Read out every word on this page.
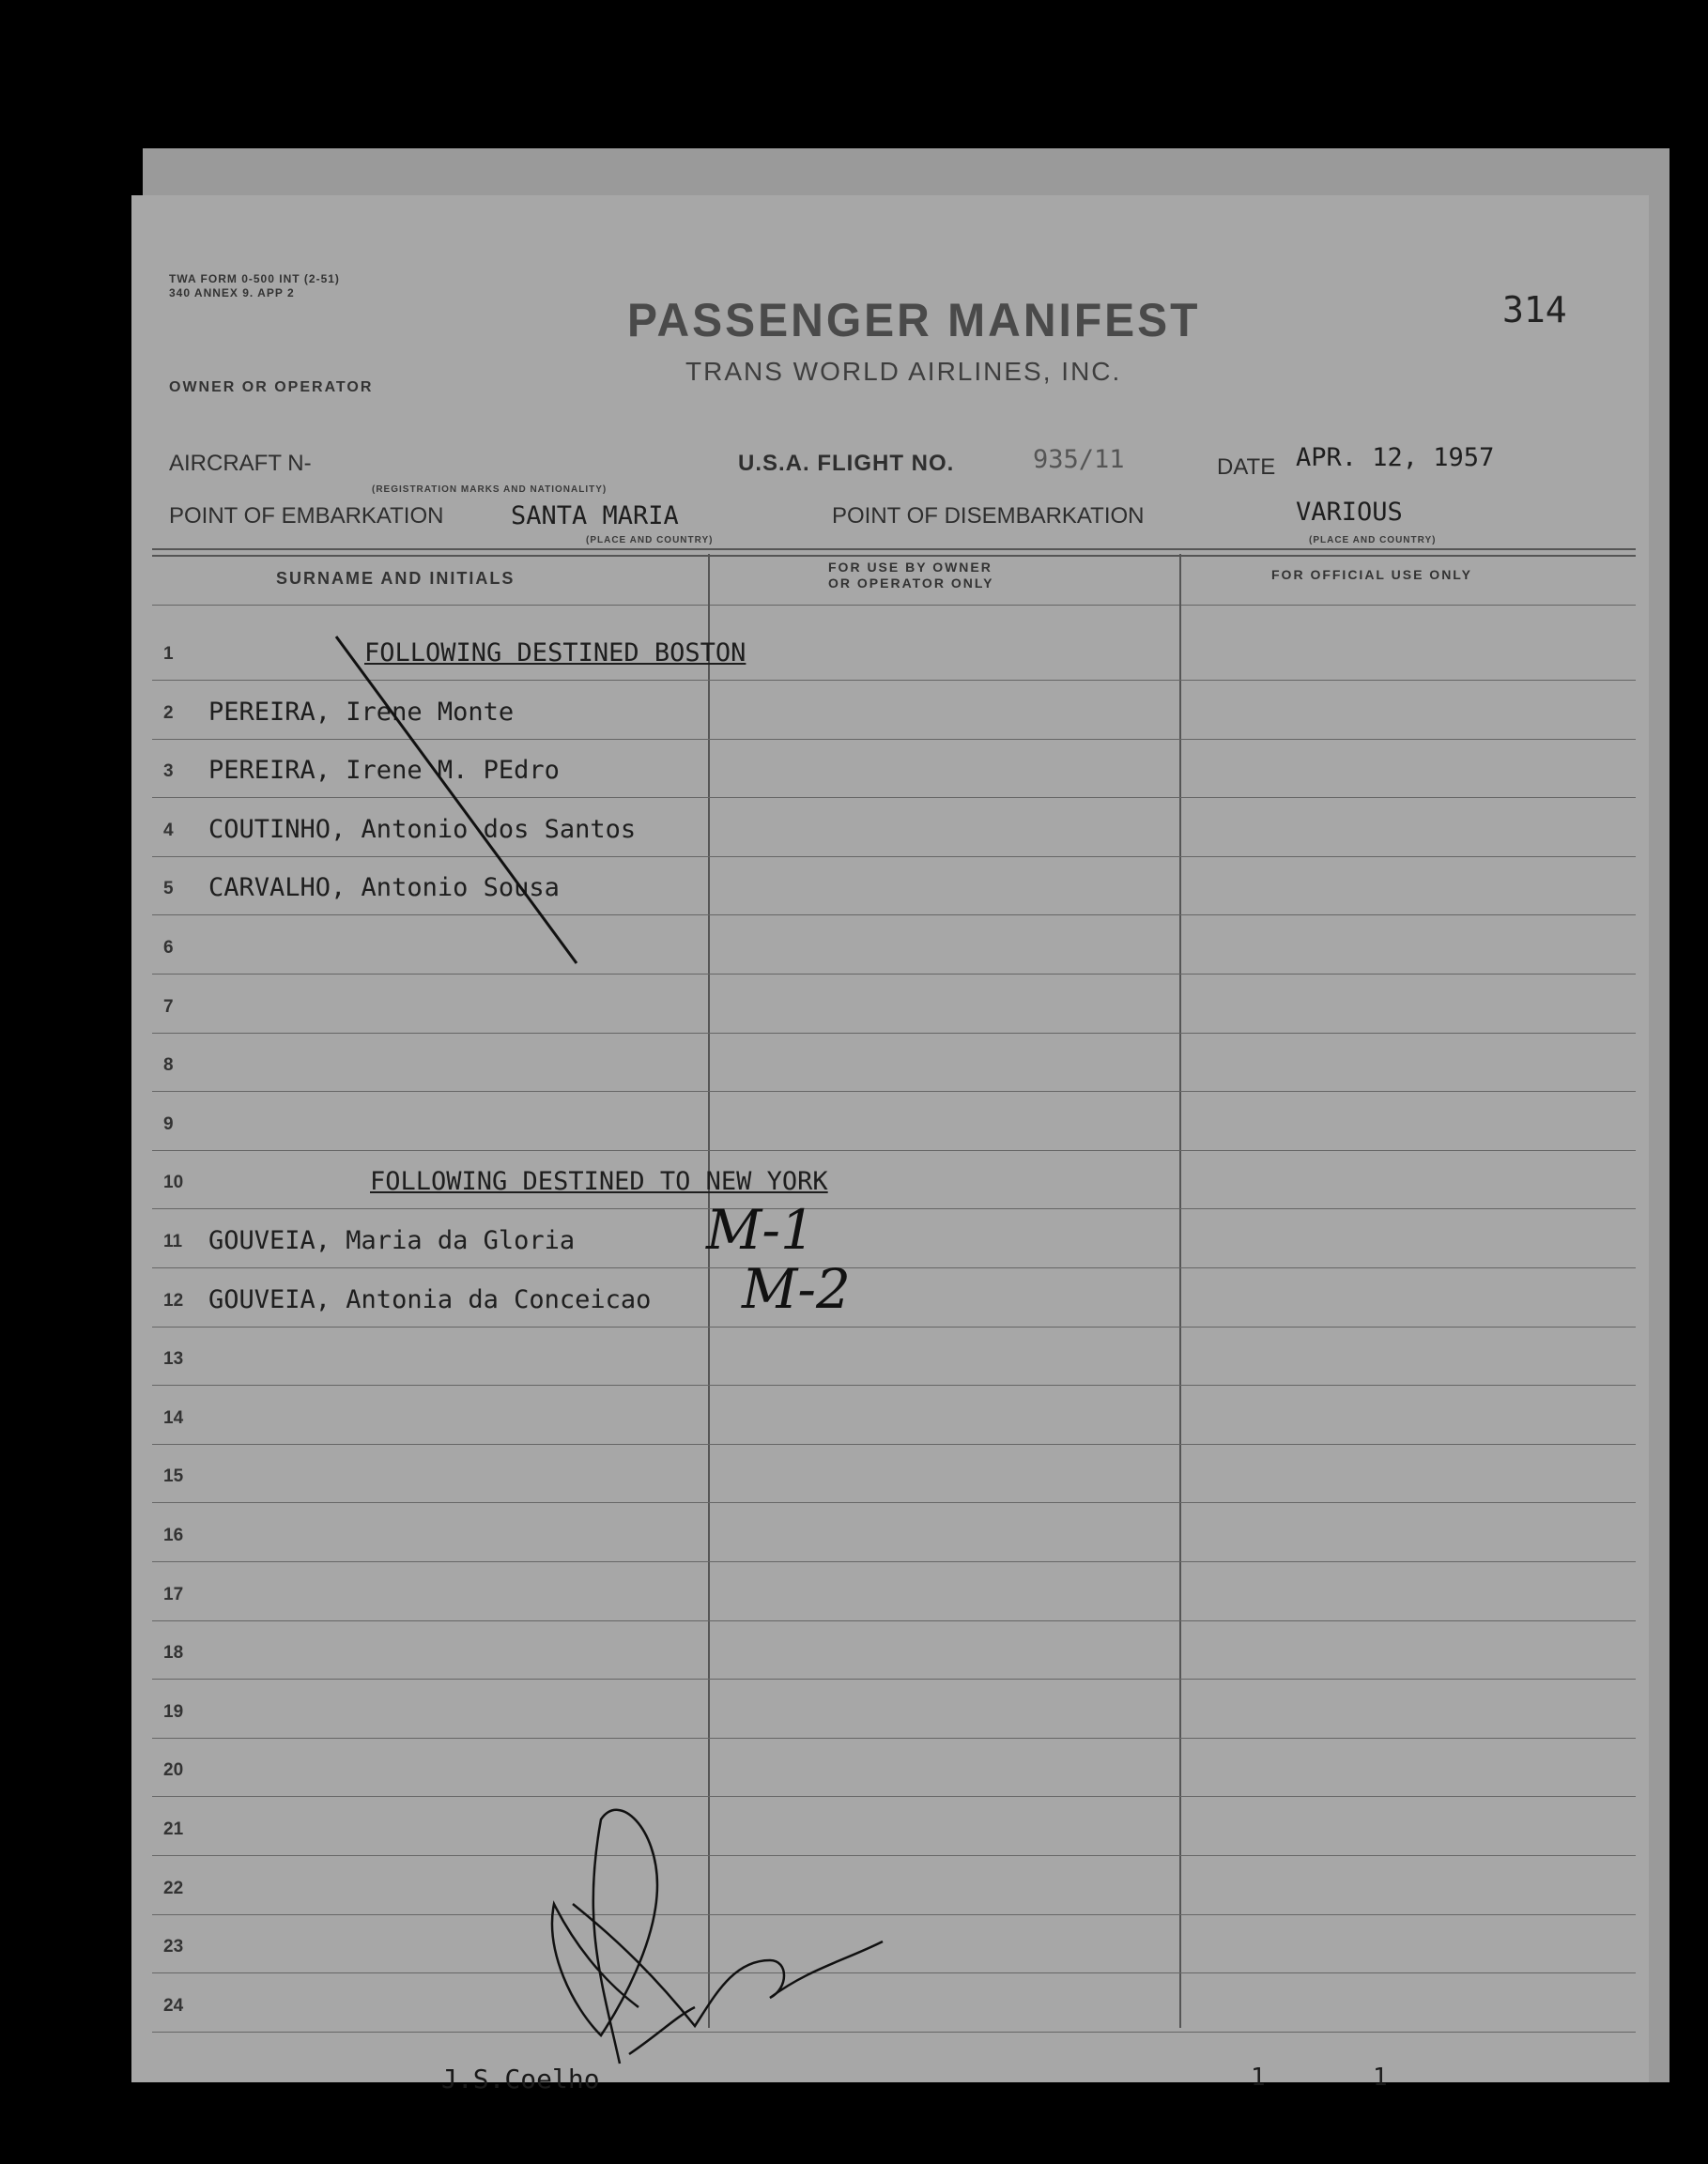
TWA FORM 0-500 INT (2-51)
340 ANNEX 9. APP 2
PASSENGER MANIFEST
TRANS WORLD AIRLINES, INC.
314
OWNER OR OPERATOR
AIRCRAFT N-
(REGISTRATION MARKS AND NATIONALITY)
U.S.A. FLIGHT NO.	935/11	DATE APR. 12, 1957
POINT OF EMBARKATION	SANTA MARIA
(PLACE AND COUNTRY)
POINT OF DISEMBARKATION	VARIOUS
(PLACE AND COUNTRY)
SURNAME AND INITIALS
FOR USE BY OWNER
OR OPERATOR ONLY
FOR OFFICIAL USE ONLY
1	FOLLOWING DESTINED BOSTON
2 PEREIRA, Irene Monte
3 PEREIRA, Irene M. PEdro
4 COUTINHO, Antonio dos Santos
5 CARVALHO, Antonio Sousa
6
7
8
9
10	FOLLOWING DESTINED TO NEW YORK
11 GOUVEIA, Maria da Gloria M-1
12 GOUVEIA, Antonia da Conceicao M-2
13
14
15
16
17
18
19
20
21
22
23
24
J.S.Coelho	1	1
